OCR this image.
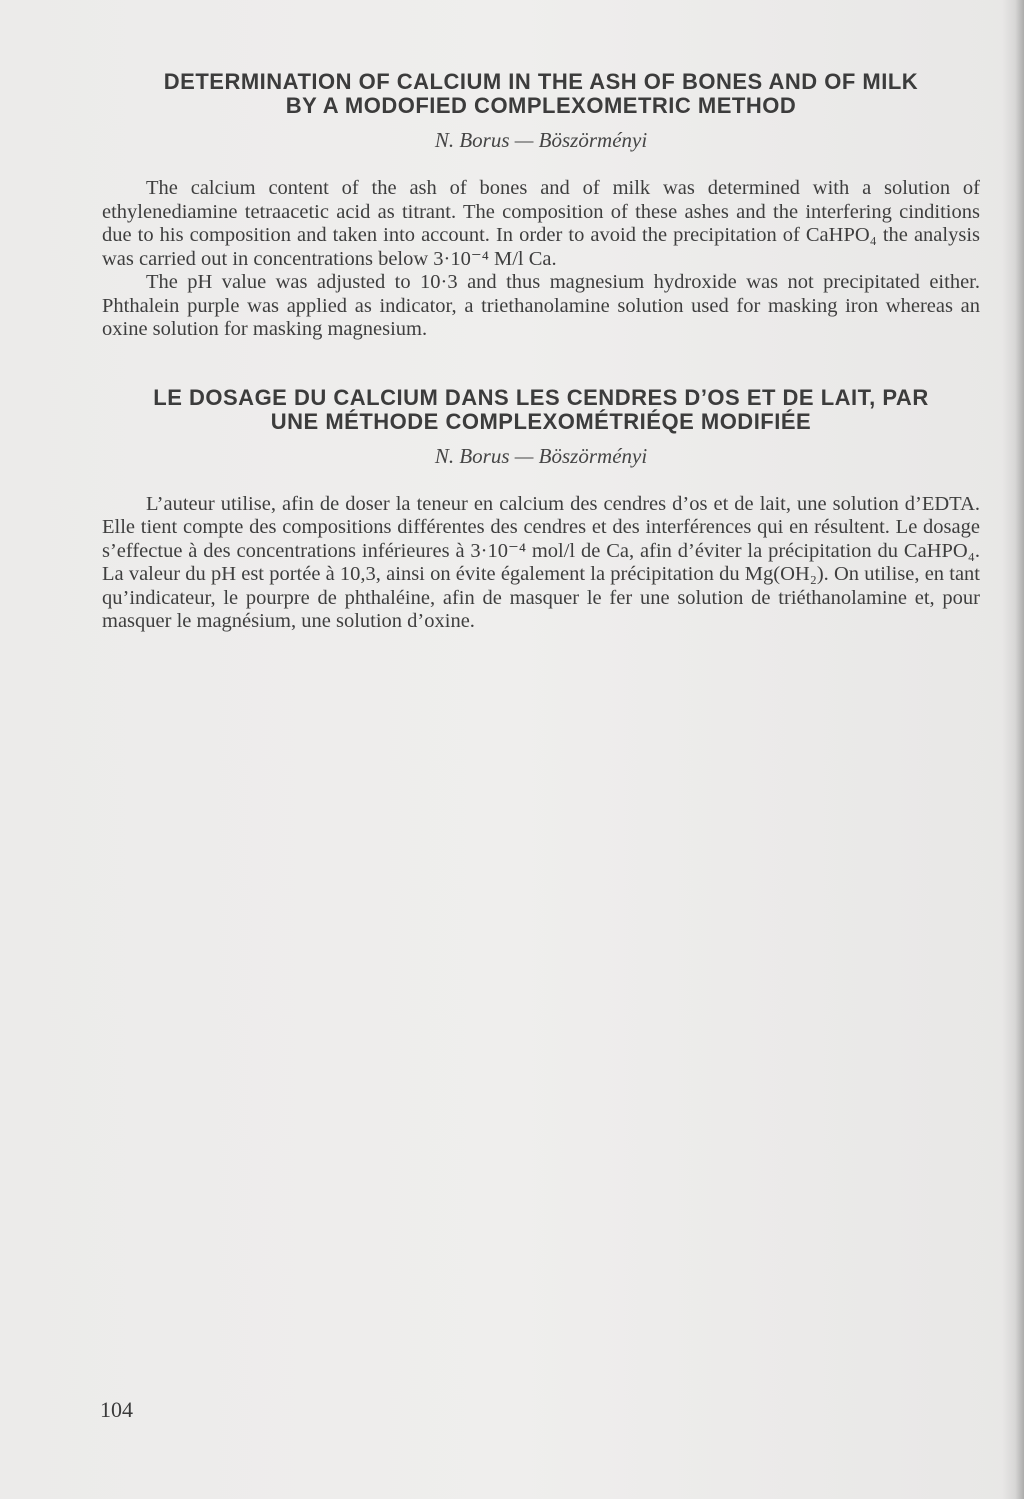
DETERMINATION OF CALCIUM IN THE ASH OF BONES AND OF MILK
BY A MODOFIED COMPLEXOMETRIC METHOD
N. Borus — Böszörményi

The calcium content of the ash of bones and of milk was determined with a solution of ethylenediamine tetraacetic acid as titrant. The composition of these ashes and the interfering cinditions due to his composition and taken into account. In order to avoid the precipitation of CaHPO₄ the analysis was carried out in concentrations below 3·10⁻⁴ M/l Ca.
The pH value was adjusted to 10·3 and thus magnesium hydroxide was not precipitated either. Phthalein purple was applied as indicator, a triethanolamine solution used for masking iron whereas an oxine solution for masking magnesium.

LE DOSAGE DU CALCIUM DANS LES CENDRES D’OS ET DE LAIT, PAR
UNE MÉTHODE COMPLEXOMÉTRIÉQE MODIFIÉE
N. Borus — Böszörményi

L’auteur utilise, afin de doser la teneur en calcium des cendres d’os et de lait, une solution d’EDTA. Elle tient compte des compositions différentes des cendres et des interférences qui en résultent. Le dosage s’effectue à des concentrations inférieures à 3·10⁻⁴ mol/l de Ca, afin d’éviter la précipitation du CaHPO₄. La valeur du pH est portée à 10,3, ainsi on évite également la précipitation du Mg(OH₂). On utilise, en tant qu’indicateur, le pourpre de phthaléine, afin de masquer le fer une solution de triéthanolamine et, pour masquer le magnésium, une solution d’oxine.

104
